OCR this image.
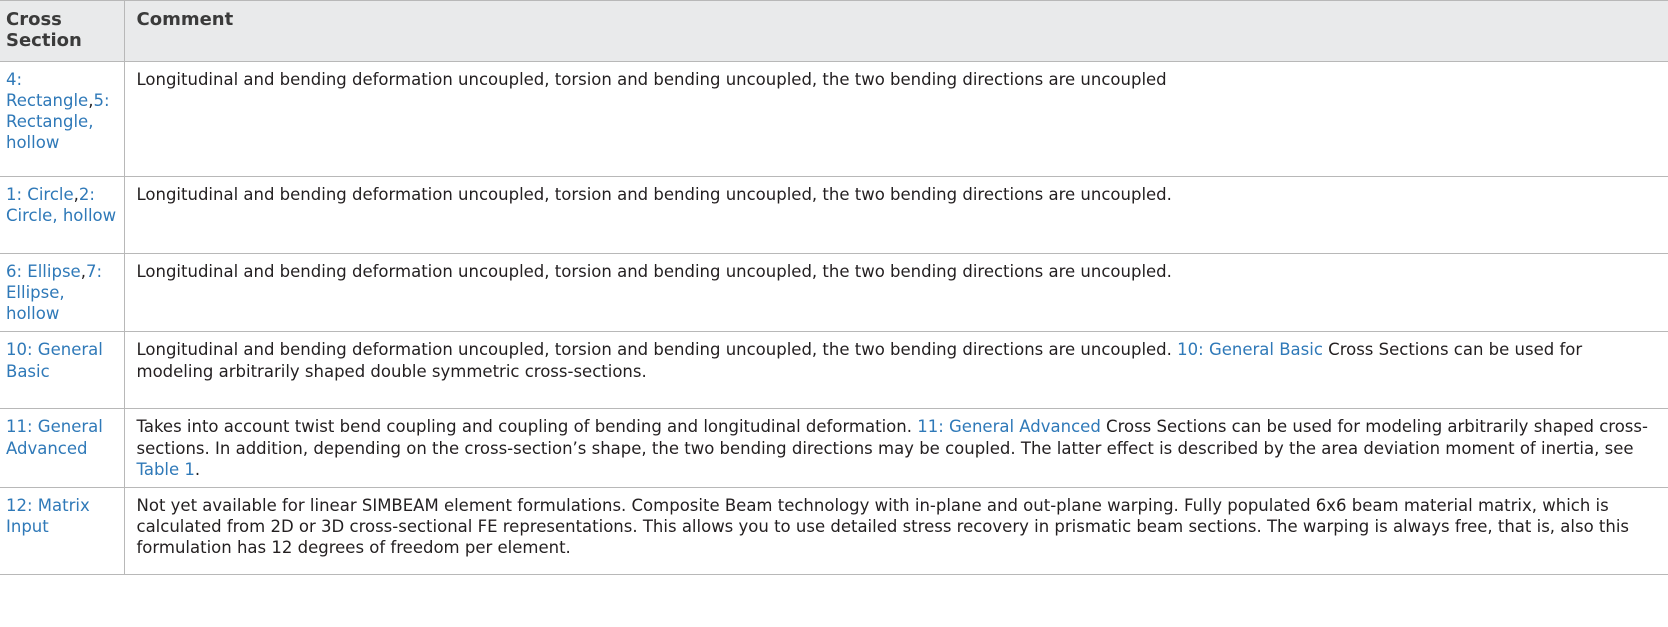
Cross Section	Comment
4: Rectangle,5: Rectangle, hollow	Longitudinal and bending deformation uncoupled, torsion and bending uncoupled, the two bending directions are uncoupled
1: Circle,2: Circle, hollow	Longitudinal and bending deformation uncoupled, torsion and bending uncoupled, the two bending directions are uncoupled.
6: Ellipse,7: Ellipse, hollow	Longitudinal and bending deformation uncoupled, torsion and bending uncoupled, the two bending directions are uncoupled.
10: General Basic	Longitudinal and bending deformation uncoupled, torsion and bending uncoupled, the two bending directions are uncoupled. 10: General Basic Cross Sections can be used for modeling arbitrarily shaped double symmetric cross-sections.
11: General Advanced	Takes into account twist bend coupling and coupling of bending and longitudinal deformation. 11: General Advanced Cross Sections can be used for modeling arbitrarily shaped cross-sections. In addition, depending on the cross-section’s shape, the two bending directions may be coupled. The latter effect is described by the area deviation moment of inertia, see Table 1.
12: Matrix Input	Not yet available for linear SIMBEAM element formulations. Composite Beam technology with in-plane and out-plane warping. Fully populated 6x6 beam material matrix, which is calculated from 2D or 3D cross-sectional FE representations. This allows you to use detailed stress recovery in prismatic beam sections. The warping is always free, that is, also this formulation has 12 degrees of freedom per element.
